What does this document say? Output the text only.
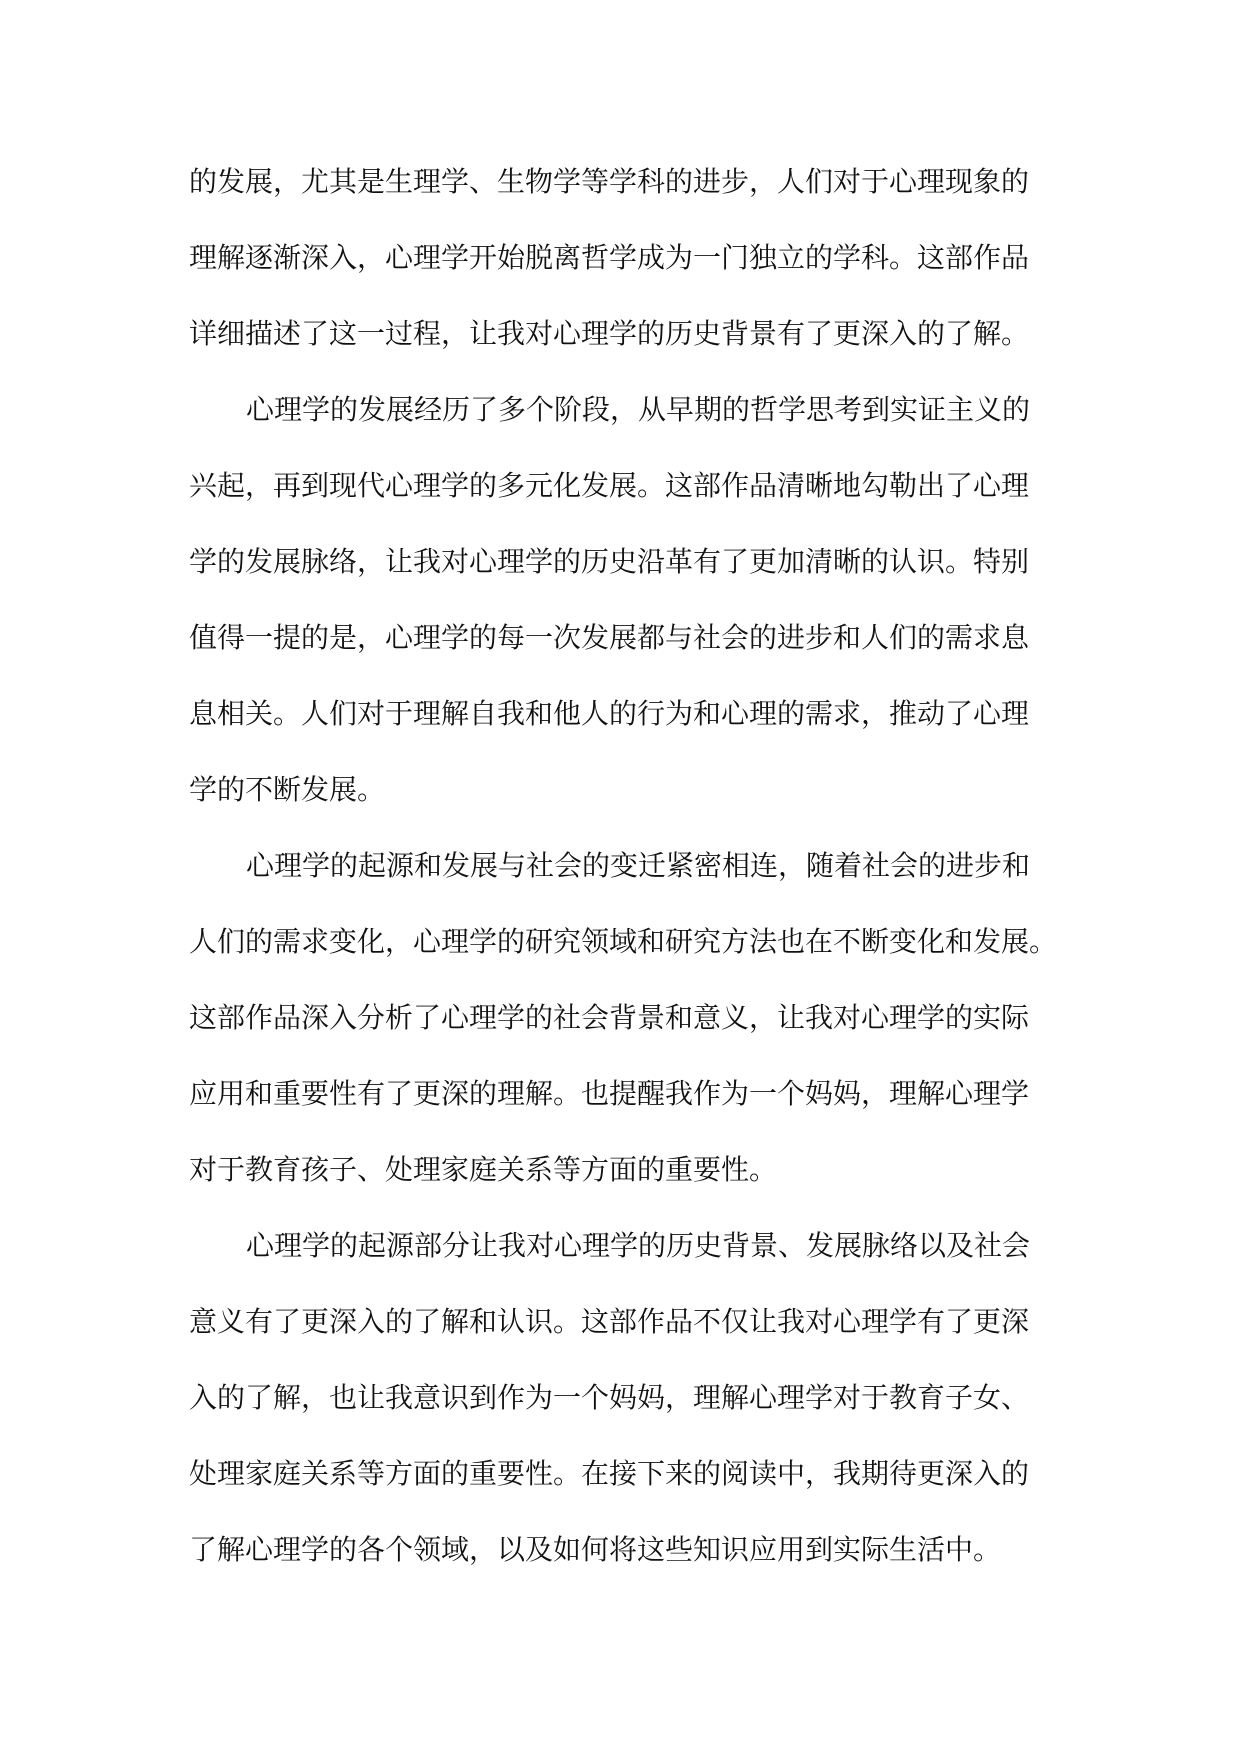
的发展，尤其是生理学、生物学等学科的进步，人们对于心理现象的
理解逐渐深入，心理学开始脱离哲学成为一门独立的学科。这部作品
详细描述了这一过程，让我对心理学的历史背景有了更深入的了解。
心理学的发展经历了多个阶段，从早期的哲学思考到实证主义的
兴起，再到现代心理学的多元化发展。这部作品清晰地勾勒出了心理
学的发展脉络，让我对心理学的历史沿革有了更加清晰的认识。特别
值得一提的是，心理学的每一次发展都与社会的进步和人们的需求息
息相关。人们对于理解自我和他人的行为和心理的需求，推动了心理
学的不断发展。
心理学的起源和发展与社会的变迁紧密相连，随着社会的进步和
人们的需求变化，心理学的研究领域和研究方法也在不断变化和发展。
这部作品深入分析了心理学的社会背景和意义，让我对心理学的实际
应用和重要性有了更深的理解。也提醒我作为一个妈妈，理解心理学
对于教育孩子、处理家庭关系等方面的重要性。
心理学的起源部分让我对心理学的历史背景、发展脉络以及社会
意义有了更深入的了解和认识。这部作品不仅让我对心理学有了更深
入的了解，也让我意识到作为一个妈妈，理解心理学对于教育子女、
处理家庭关系等方面的重要性。在接下来的阅读中，我期待更深入的
了解心理学的各个领域，以及如何将这些知识应用到实际生活中。
